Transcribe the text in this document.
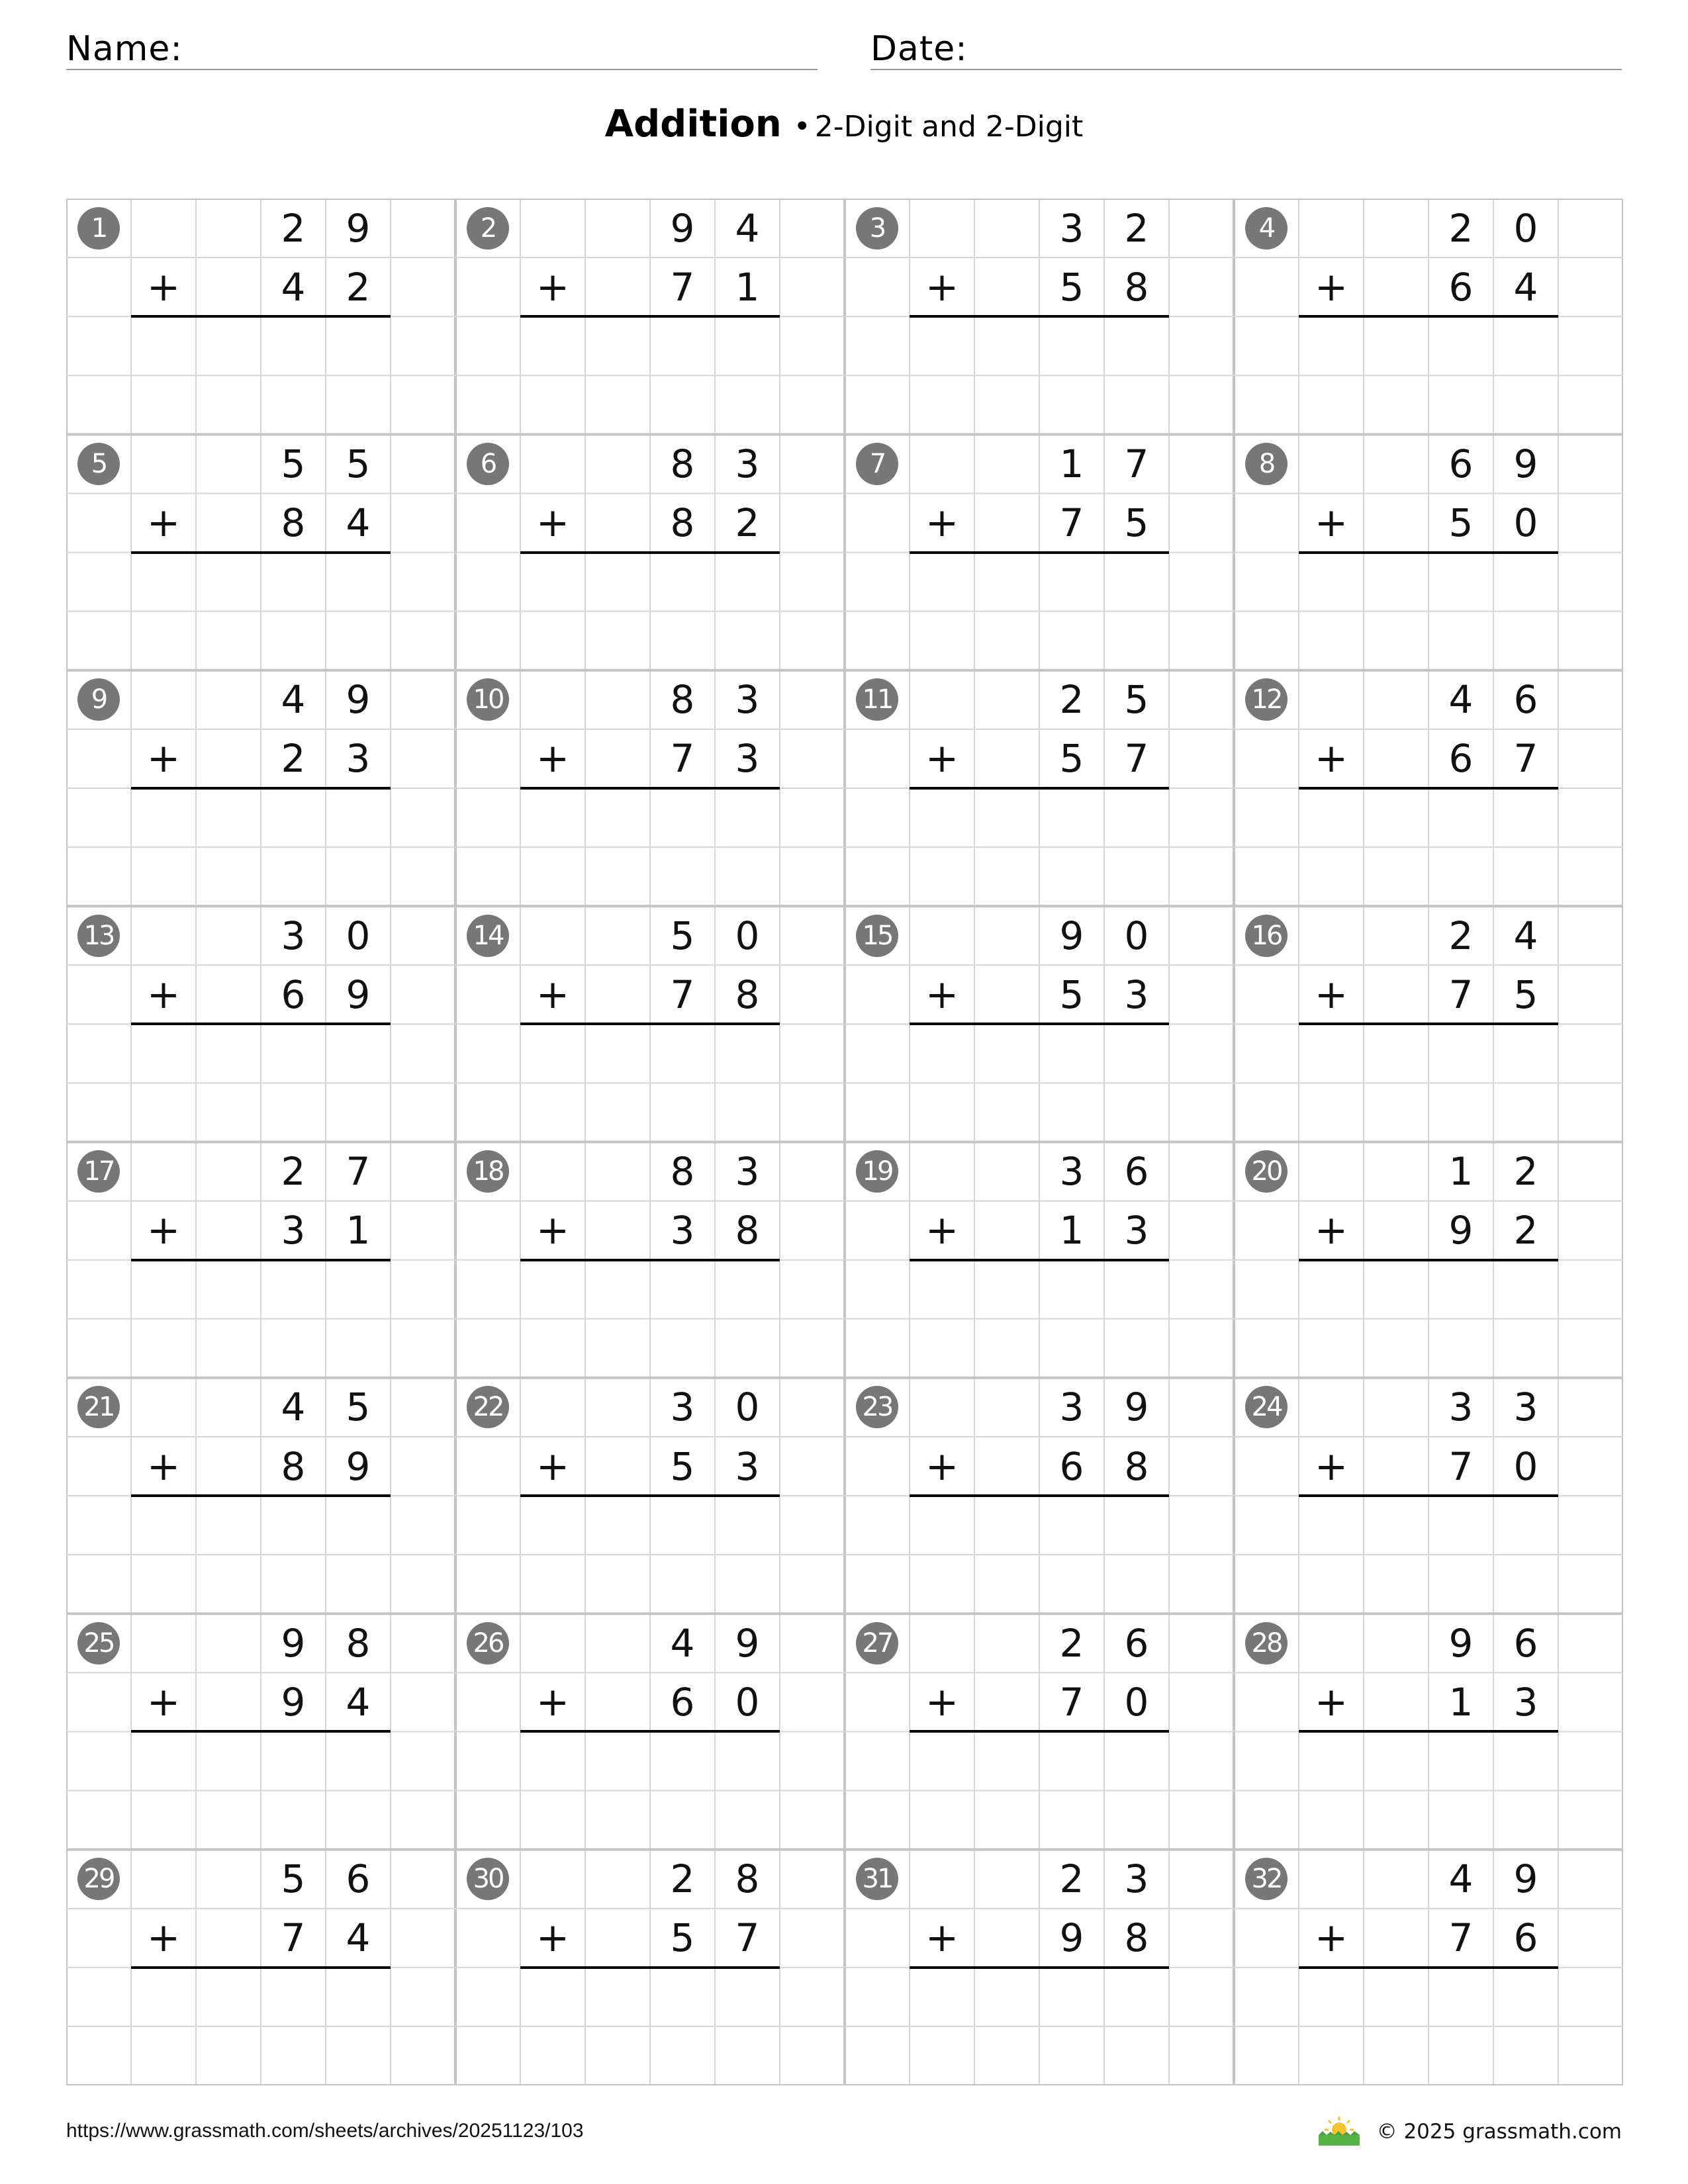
Name:	Date:
Addition • 2-Digit and 2-Digit
1	2	9
+	4	2
2	9	4
+	7	1
3	3	2
+	5	8
4	2	0
+	6	4
5	5	5
+	8	4
6	8	3
+	8	2
7	1	7
+	7	5
8	6	9
+	5	0
9	4	9
+	2	3
10	8	3
+	7	3
11	2	5
+	5	7
12	4	6
+	6	7
13	3	0
+	6	9
14	5	0
+	7	8
15	9	0
+	5	3
16	2	4
+	7	5
17	2	7
+	3	1
18	8	3
+	3	8
19	3	6
+	1	3
20	1	2
+	9	2
21	4	5
+	8	9
22	3	0
+	5	3
23	3	9
+	6	8
24	3	3
+	7	0
25	9	8
+	9	4
26	4	9
+	6	0
27	2	6
+	7	0
28	9	6
+	1	3
29	5	6
+	7	4
30	2	8
+	5	7
31	2	3
+	9	8
32	4	9
+	7	6
https://www.grassmath.com/sheets/archives/20251123/103	© 2025 grassmath.com
